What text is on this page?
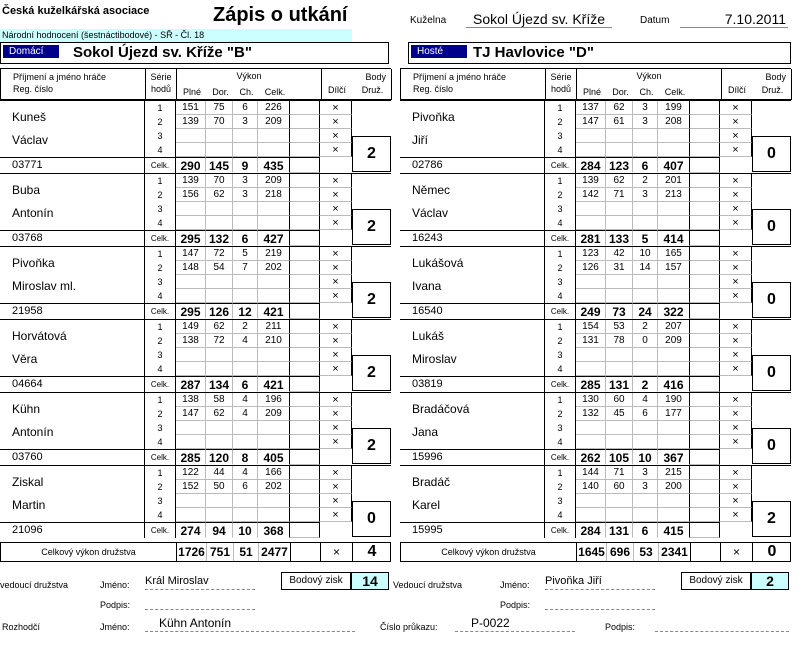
Česká kuželkářská asociace	Zápis o utkání
Národní hodnocení (šestnáctibodové) - SŘ - Čl. 18
Kuželna	Sokol Újezd sv. Kříže	Datum	7.10.2011
Domácí	Sokol Újezd sv. Kříže "B"	Hosté	TJ Havlovice "D"
Příjmení a jméno hráče
Reg. číslo
Série
hodů
Výkon
Plné	Dor.	Ch.	Celk.
Body
Dílčí	Druž.
Kuneš
Václav
03771
1	151	75	6	226	×
2	139	70	3	209	×
3	×
4	×
Celk. 290 145	9	435
2
Buba
Antonín
03768
1	139	70	3	209	×
2	156	62	3	218	×
3	×
4	×
Celk. 295 132	6	427
2
Pivoňka
Miroslav ml.
21958
1	147	72	5	219	×
2	148	54	7	202	×
3	×
4	×
Celk. 295 126 12 421
2
Horvátová
Věra
04664
1	149	62	2	211	×
2	138	72	4	210	×
3	×
4	×
Celk. 287 134	6	421
2
Kühn
Antonín
03760
1	138	58	4	196	×
2	147	62	4	209	×
3	×
4	×
Celk. 285 120	8	405
2
Ziskal
Martin
21096
1	122	44	4	166	×
2	152	50	6	202	×
3	×
4	×
Celk. 274 94	10 368
0
Celkový výkon družstva	1726 751 51 2477	×	4
Příjmení a jméno hráče
Reg. číslo
Série
hodů
Výkon
Plné	Dor.	Ch.	Celk.
Body
Dílčí	Druž.
Pivoňka
Jiří
02786
1	137	62	3	199	×
2	147	61	3	208	×
3	×
4	×
Celk. 284 123	6	407
0
Němec
Václav
16243
1	139	62	2	201	×
2	142	71	3	213	×
3	×
4	×
Celk. 281 133	5	414
0
Lukášová
Ivana
16540
1	123	42	10	165	×
2	126	31	14	157	×
3	×
4	×
Celk. 249 73	24 322
0
Lukáš
Miroslav
03819
1	154	53	2	207	×
2	131	78	0	209	×
3	×
4	×
Celk. 285 131	2	416
0
Bradáčová
Jana
15996
1	130	60	4	190	×
2	132	45	6	177	×
3	×
4	×
Celk. 262 105 10 367
0
Bradáč
Karel
15995
1	144	71	3	215	×
2	140	60	3	200	×
3	×
4	×
Celk. 284 131	6	415
2
Celkový výkon družstva	1645 696 53 2341	×	0
vedoucí družstva	Jméno: Král Miroslav
Podpis:
Bodový zisk	14	Vedoucí družstva	Jméno: Pivoňka Jiří
Podpis:
Bodový zisk	2
Rozhodčí	Jméno:	Kühn Antonín	Číslo průkazu:	P-0022	Podpis:
